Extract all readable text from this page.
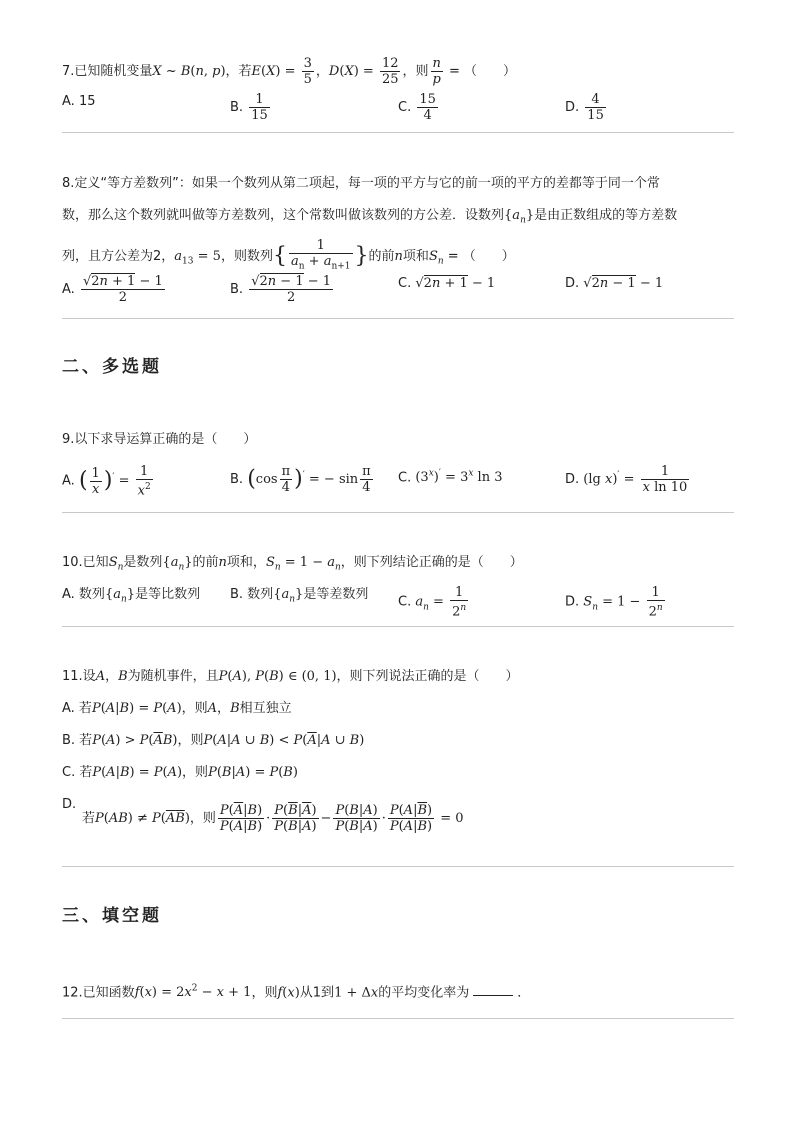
7.已知随机变量X ~ B(n, p)，若$E(X) = \frac{3}{5}$ ，$D(X) = \frac{12}{25}$ ，则 $\frac{n}{p}$ = （　　）
A. 15	B. $\frac{1}{15}$	C. $\frac{15}{4}$	D. $\frac{4}{15}$
8.定义“等方差数列”：如果一个数列从第二项起，每一项的平方与它的前一项的平方的差都等于同一个常
数，那么这个数列就叫做等方差数列，这个常数叫做该数列的方公差．设数列$\{a_n\}$是由正数组成的等方差数
列，且方公差为2，$a_{13} = 5$，则数列{ $\frac{1}{a_n + a_{n+1}}$ }的前n项和$S_n$ = （　　）
A. $\frac{√2n + 1 - 1}{2}$	B. $\frac{√2n - 1 - 1}{2}$	C. √2n + 1 − 1	D. √2n − 1 − 1
二、多选题
9.以下求导运算正确的是（　　）
A. ( $\frac{1}{x} )' = \frac{1}{x^2}$	B. $(\cos \frac{\pi}{4} )'$ = − $\sin \frac{\pi}{4} C$. $(3^x)' = 3^x$ ln 3	D. (lg $x)' = \frac{1}{\text{x ln 10}}$
10.已知$S_n$是数列$\{a_n\}$的前n项和，$S_n = 1 - a_n$，则下列结论正确的是（　　）
A. 数列$\{a_n\}$是等比数列 B. 数列$\{a_n\}$是等差数列
C. $a_n = \frac{1}{2^n}$	D. $S_n = 1 - \frac{1}{2^n}$
11.设A，B为随机事件，且P(A), P(B) ∈ (0, 1)，则下列说法正确的是（　　）
A. 若P(A|B) = P(A)，则A，B相互独立
B. 若$P(A) > P(\overline{A}B)$，则P(A|A ∪ $B) < P(\overline{A}|A$ ∪ B)
C. 若P(A|B) = P(A)，则P(B|A) = P(B)
D.
若$P(AB) \ne P(\overline{A}\overline{B})$，则 $\frac{P(\overline{A}|B)}{P(A|B)} \cdot \frac{P(\overline{B}|\overline{A})}{P(B|\overline{A})} - \frac{P(B|A)}{P(\overline{B}|A)} \cdot \frac{P(A|\overline{B})}{P(\overline{A}|\overline{B})} = 0$
三、填空题
12.已知函数$f(x) = 2x^2 - x + 1$，则f(x)从1到1 + Δx的平均变化率为	．
